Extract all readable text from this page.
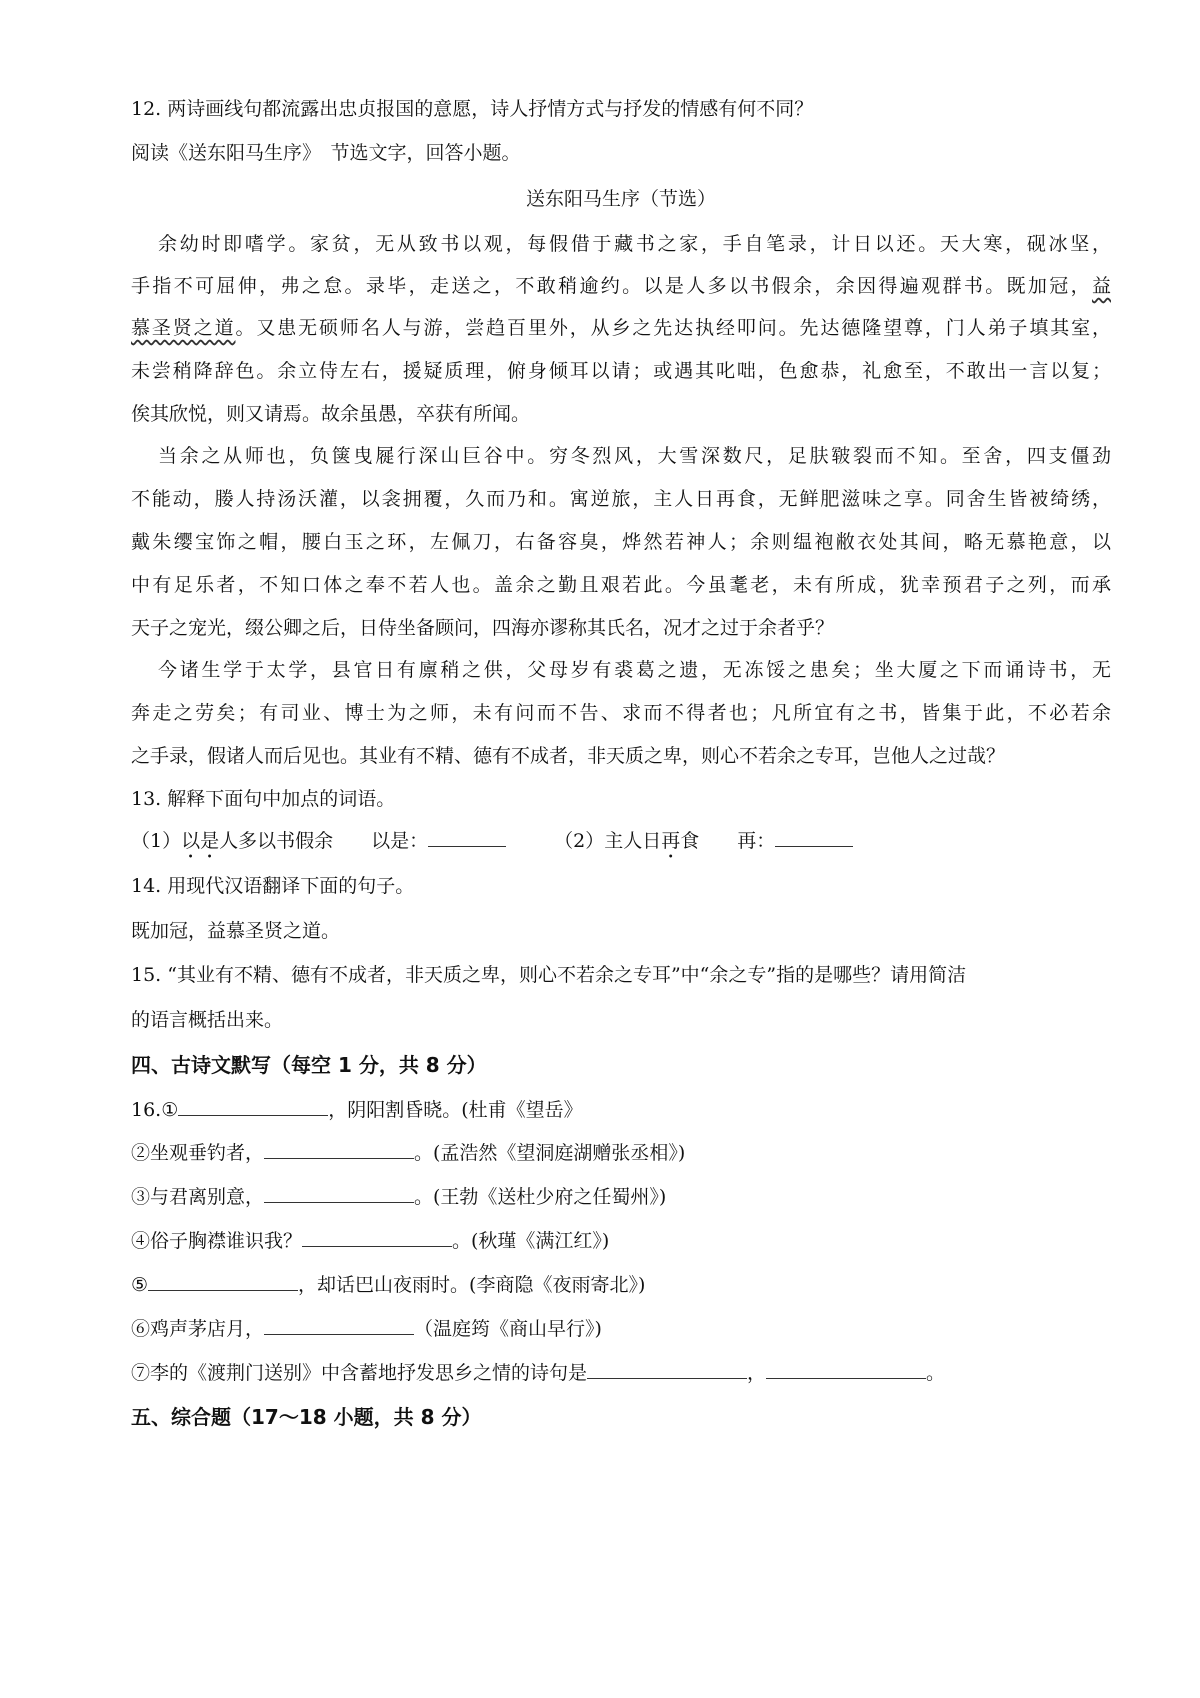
12. 两诗画线句都流露出忠贞报国的意愿，诗人抒情方式与抒发的情感有何不同？
阅读《送东阳马生序》　节选文字，回答小题。
送东阳马生序（节选）
余幼时即嗜学。家贫，无从致书以观，每假借于藏书之家，手自笔录，计日以还。天大寒，砚冰坚，
手指不可屈伸，弗之怠。录毕，走送之，不敢稍逾约。以是人多以书假余，余因得遍观群书。既加冠，益
慕圣贤之道。又患无硕师名人与游，尝趋百里外，从乡之先达执经叩问。先达德隆望尊，门人弟子填其室，
未尝稍降辞色。余立侍左右，援疑质理，俯身倾耳以请；或遇其叱咄，色愈恭，礼愈至，不敢出一言以复；
俟其欣悦，则又请焉。故余虽愚，卒获有所闻。
当余之从师也，负箧曳屣行深山巨谷中。穷冬烈风，大雪深数尺，足肤皲裂而不知。至舍，四支僵劲
不能动，媵人持汤沃灌，以衾拥覆，久而乃和。寓逆旅，主人日再食，无鲜肥滋味之享。同舍生皆被绮绣，
戴朱缨宝饰之帽，腰白玉之环，左佩刀，右备容臭，烨然若神人；余则缊袍敝衣处其间，略无慕艳意，以
中有足乐者，不知口体之奉不若人也。盖余之勤且艰若此。今虽耄老，未有所成，犹幸预君子之列，而承
天子之宠光，缀公卿之后，日侍坐备顾问，四海亦谬称其氏名，况才之过于余者乎？
今诸生学于太学，县官日有廪稍之供，父母岁有裘葛之遗，无冻馁之患矣；坐大厦之下而诵诗书，无
奔走之劳矣；有司业、博士为之师，未有问而不告、求而不得者也；凡所宜有之书，皆集于此，不必若余
之手录，假诸人而后见也。其业有不精、德有不成者，非天质之卑，则心不若余之专耳，岂他人之过哉？
13. 解释下面句中加点的词语。
（1）以是人多以书假余　　以是：	（2）主人日再食　　再：
14. 用现代汉语翻译下面的句子。
既加冠，益慕圣贤之道。
15. “其业有不精、德有不成者，非天质之卑，则心不若余之专耳”中“余之专”指的是哪些？请用简洁
的语言概括出来。
四、古诗文默写（每空 1 分，共 8 分）
16.①	，阴阳割昏晓。(杜甫《望岳》
②坐观垂钓者，	。(孟浩然《望洞庭湖赠张丞相》)
③与君离别意，	。(王勃《送杜少府之任蜀州》)
④俗子胸襟谁识我？	。(秋瑾《满江红》)
⑤	，却话巴山夜雨时。(李商隐《夜雨寄北》)
⑥鸡声茅店月，	（温庭筠《商山早行》)
⑦李的《渡荆门送别》中含蓄地抒发思乡之情的诗句是	，	。
五、综合题（17～18 小题，共 8 分）
